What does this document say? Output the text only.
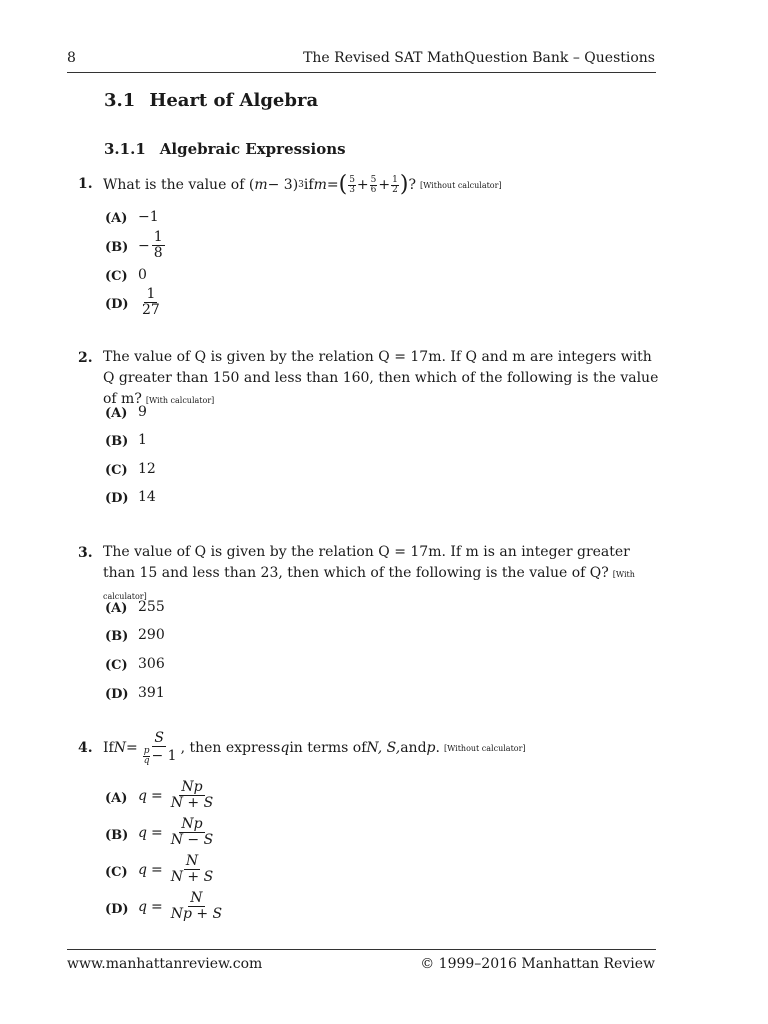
8	The Revised SAT MathQuestion Bank – Questions
3.1 Heart of Algebra
3.1.1 Algebraic Expressions
1. What is the value of ( m − 3) 3 if m = ( $\frac{5}{3} + \frac{5}{6} + \frac{1}{2}$ ) ? [Without calculator]
(A) −1
$(B) - \frac{1}{8}$
(C) 0
$(D) \frac{1}{27}$
2. The value of Q is given by the relation Q = 17m. If Q and m are integers with Q greater than 150 and less than 160, then which of the following is the value of m? [With calculator]
(A) 9
(B) 1
(C) 12
(D) 14
3. The value of Q is given by the relation Q = 17m. If m is an integer greater than 15 and less than 23, then which of the following is the value of Q? [With calculator]
(A) 255
(B) 290
(C) 306
(D) 391
4. If $N = \frac{S}{\frac{p}{q} - 1}$ , then express q in terms of N, S, and p . [Without calculator]
(A) $q = \frac{Np}{N + S}$
(B) $q = \frac{Np}{N - S}$
(C) $q = \frac{N}{N + S}$
(D) $q = \frac{N}{Np + S}$
www.manhattanreview.com	© 1999–2016 Manhattan Review
